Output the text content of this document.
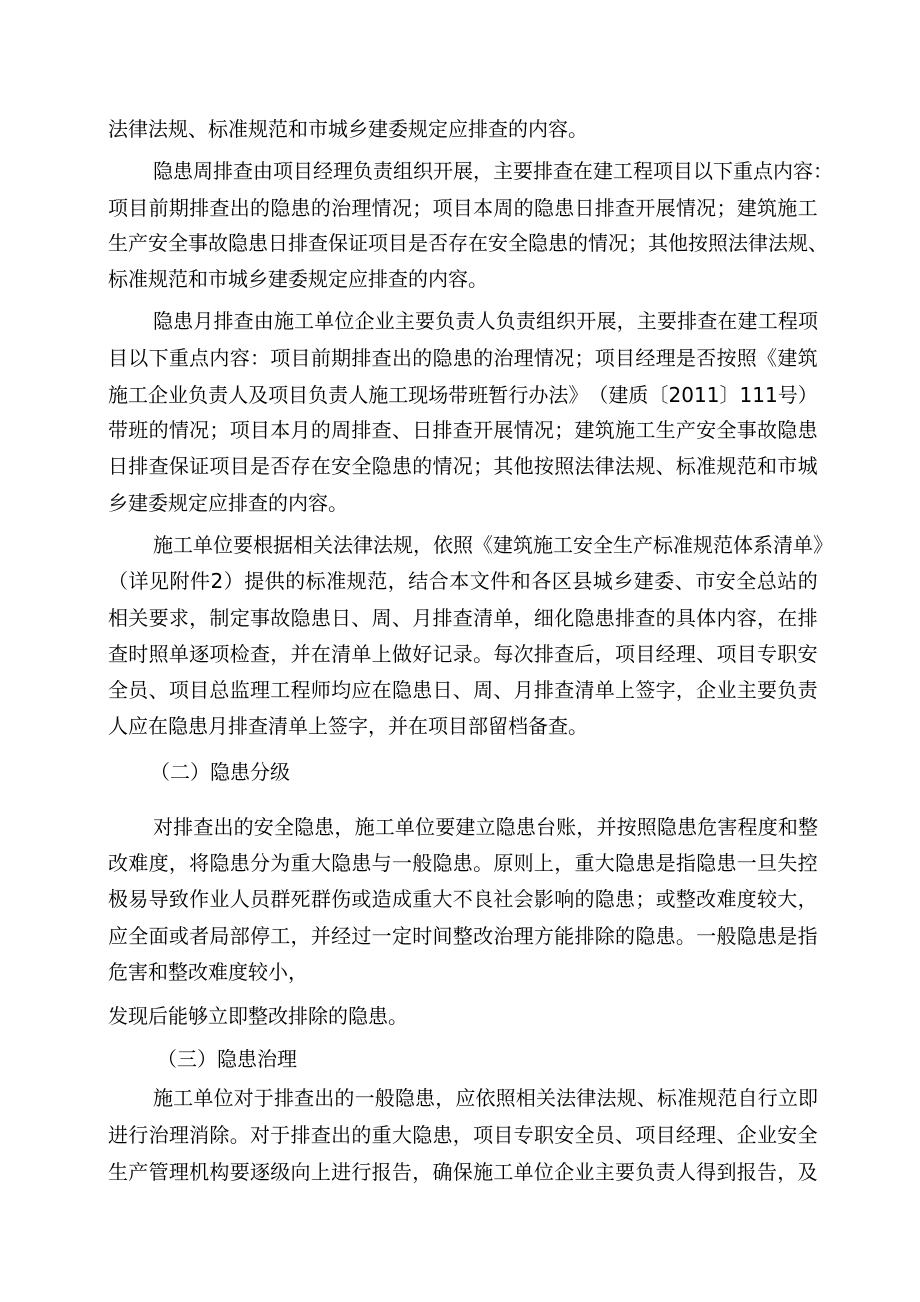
法律法规、标准规范和市城乡建委规定应排查的内容。
隐 患 周 排 查 由 项 目 经 理 负 责 组 织 开 展 ， 主 要 排 查 在 建 工 程 项 目 以 下 重 点 内 容 ：
项 目 前 期 排 查 出 的 隐 患 的 治 理 情 况 ； 项 目 本 周 的 隐 患 日 排 查 开 展 情 况 ； 建 筑 施 工
生 产 安 全 事 故 隐 患 日 排 查 保 证 项 目 是 否 存 在 安 全 隐 患 的 情 况 ； 其 他 按 照 法 律 法 规 、
标准规范和市城乡建委规定应排查的内容。
隐 患 月 排 查 由 施 工 单 位 企 业 主 要 负 责 人 负 责 组 织 开 展 ， 主 要 排 查 在 建 工 程 项
目 以 下 重 点 内 容 ： 项 目 前 期 排 查 出 的 隐 患 的 治 理 情 况 ； 项 目 经 理 是 否 按 照 《 建 筑
施 工 企 业 负 责 人 及 项 目 负 责 人 施 工 现 场 带 班 暂 行 办 法 》 （ 建 质 〔 2 0 1 1 〕 1 1 1 号 ）
带 班 的 情 况 ； 项 目 本 月 的 周 排 查 、 日 排 查 开 展 情 况 ； 建 筑 施 工 生 产 安 全 事 故 隐 患
日 排 查 保 证 项 目 是 否 存 在 安 全 隐 患 的 情 况 ； 其 他 按 照 法 律 法 规 、 标 准 规 范 和 市 城
乡建委规定应排查的内容。
施 工 单 位 要 根 据 相 关 法 律 法 规 ， 依 照 《 建 筑 施 工 安 全 生 产 标 准 规 范 体 系 清 单 》
（ 详 见 附 件 2 ） 提 供 的 标 准 规 范 ， 结 合 本 文 件 和 各 区 县 城 乡 建 委 、 市 安 全 总 站 的
相 关 要 求 ， 制 定 事 故 隐 患 日 、 周 、 月 排 查 清 单 ， 细 化 隐 患 排 查 的 具 体 内 容 ， 在 排
查 时 照 单 逐 项 检 查 ， 并 在 清 单 上 做 好 记 录 。 每 次 排 查 后 ， 项 目 经 理 、 项 目 专 职 安
全 员 、 项 目 总 监 理 工 程 师 均 应 在 隐 患 日 、 周 、 月 排 查 清 单 上 签 字 ， 企 业 主 要 负 责
人应在隐患月排查清单上签字，并在项目部留档备查。
（二）隐患分级
对 排 查 出 的 安 全 隐 患 ， 施 工 单 位 要 建 立 隐 患 台 账 ， 并 按 照 隐 患 危 害 程 度 和 整
改 难 度 ， 将 隐 患 分 为 重 大 隐 患 与 一 般 隐 患 。 原 则 上 ， 重 大 隐 患 是 指 隐 患 一 旦 失 控
极 易 导 致 作 业 人 员 群 死 群 伤 或 造 成 重 大 不 良 社 会 影 响 的 隐 患 ； 或 整 改 难 度 较 大 ，
应 全 面 或 者 局 部 停 工 ， 并 经 过 一 定 时 间 整 改 治 理 方 能 排 除 的 隐 患 。 一 般 隐 患 是 指
危害和整改难度较小，
发现后能够立即整改排除的隐患。
（三）隐患治理
施 工 单 位 对 于 排 查 出 的 一 般 隐 患 ， 应 依 照 相 关 法 律 法 规 、 标 准 规 范 自 行 立 即
进 行 治 理 消 除 。 对 于 排 查 出 的 重 大 隐 患 ， 项 目 专 职 安 全 员 、 项 目 经 理 、 企 业 安 全
生 产 管 理 机 构 要 逐 级 向 上 进 行 报 告 ， 确 保 施 工 单 位 企 业 主 要 负 责 人 得 到 报 告 ， 及
